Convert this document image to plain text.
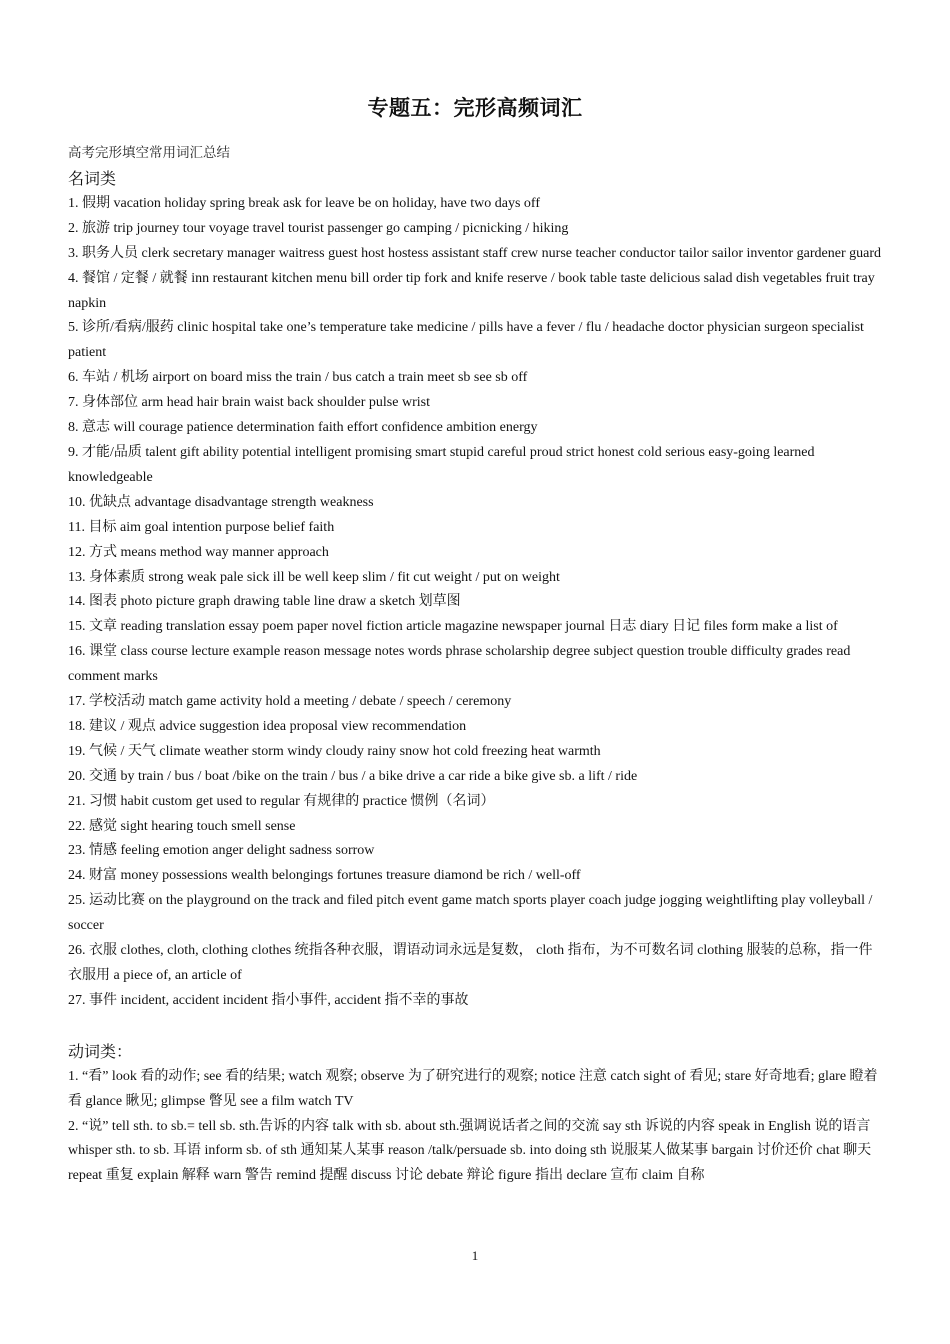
专题五：完形高频词汇

高考完形填空常用词汇总结

名词类

1. 假期 vacation holiday spring break ask for leave be on holiday, have two days off

2. 旅游 trip journey tour voyage travel tourist passenger go camping / picnicking / hiking

3. 职务人员 clerk secretary manager waitress guest host hostess assistant staff crew nurse teacher conductor tailor sailor inventor gardener guard

4. 餐馆 / 定餐 / 就餐 inn restaurant kitchen menu bill order tip fork and knife reserve / book table taste delicious salad dish vegetables fruit tray napkin

5. 诊所/看病/服药 clinic hospital take one’s temperature take medicine / pills have a fever / flu / headache doctor physician surgeon specialist patient

6. 车站 / 机场 airport on board miss the train / bus catch a train meet sb see sb off

7. 身体部位 arm head hair brain waist back shoulder pulse wrist

8. 意志 will courage patience determination faith effort confidence ambition energy

9. 才能/品质 talent gift ability potential intelligent promising smart stupid careful proud strict honest cold serious easy-going learned knowledgeable

10. 优缺点 advantage disadvantage strength weakness

11. 目标 aim goal intention purpose belief faith

12. 方式 means method way manner approach

13. 身体素质 strong weak pale sick ill be well keep slim / fit cut weight / put on weight

14. 图表 photo picture graph drawing table line draw a sketch 划草图

15. 文章 reading translation essay poem paper novel fiction article magazine newspaper journal 日志 diary 日记 files form make a list of

16. 课堂 class course lecture example reason message notes words phrase scholarship degree subject question trouble difficulty grades read comment marks

17. 学校活动 match game activity hold a meeting / debate / speech / ceremony

18. 建议 / 观点 advice suggestion idea proposal view recommendation

19. 气候 / 天气 climate weather storm windy cloudy rainy snow hot cold freezing heat warmth

20. 交通 by train / bus / boat /bike on the train / bus / a bike drive a car ride a bike give sb. a lift / ride

21. 习惯 habit custom get used to regular 有规律的 practice 惯例（名词）

22. 感觉 sight hearing touch smell sense

23. 情感 feeling emotion anger delight sadness sorrow

24. 财富 money possessions wealth belongings fortunes treasure diamond be rich / well-off

25. 运动比赛 on the playground on the track and filed pitch event game match sports player coach judge jogging weightlifting play volleyball / soccer

26. 衣服 clothes, cloth, clothing clothes 统指各种衣服，谓语动词永远是复数， cloth 指布，为不可数名词 clothing 服装的总称，指一件衣服用 a piece of, an article of

27. 事件 incident, accident incident 指小事件, accident 指不幸的事故

动词类：

1. “看” look 看的动作; see 看的结果; watch 观察; observe 为了研究进行的观察; notice 注意 catch sight of 看见; stare 好奇地看; glare 瞪着看 glance 瞅见; glimpse 瞥见 see a film watch TV

2. “说” tell sth. to sb.= tell sb. sth.告诉的内容 talk with sb. about sth.强调说话者之间的交流 say sth 诉说的内容 speak in English 说的语言 whisper sth. to sb. 耳语 inform sb. of sth 通知某人某事 reason /talk/persuade sb. into doing sth 说服某人做某事 bargain 讨价还价 chat 聊天 repeat 重复 explain 解释 warn 警告 remind 提醒 discuss 讨论 debate 辩论 figure 指出 declare 宣布 claim 自称

1
